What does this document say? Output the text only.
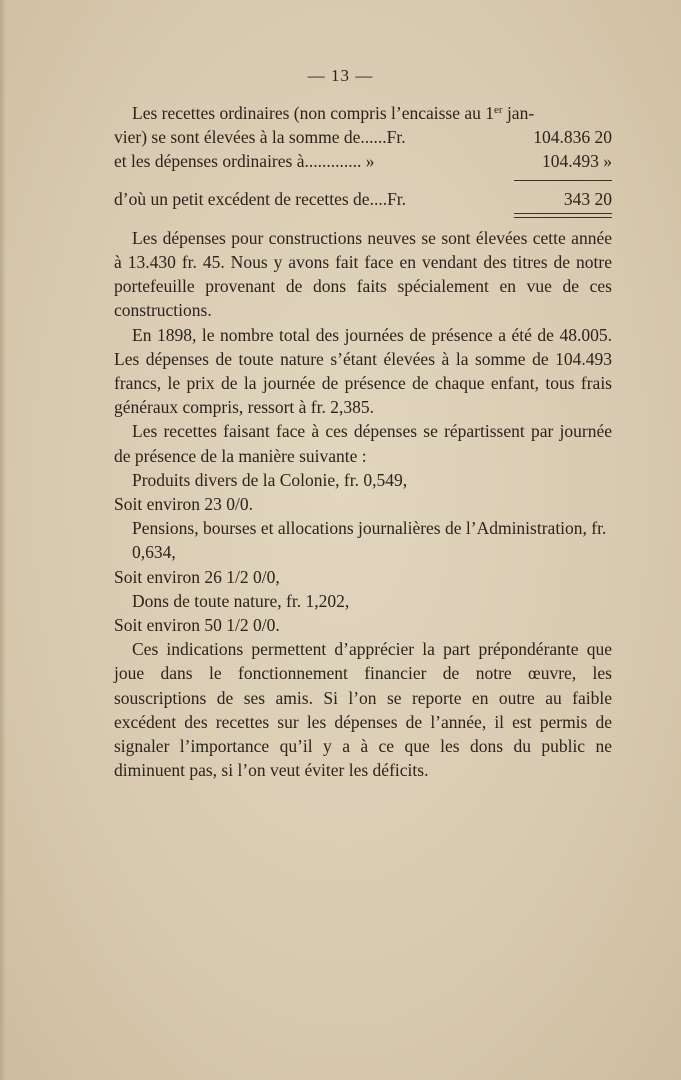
— 13 —

Les recettes ordinaires (non compris l’encaisse au 1er jan-

vier) se sont élevées à la somme de......Fr.	104.836 20
et les dépenses ordinaires à............. »	104.493 »
d’où un petit excédent de recettes de....Fr.	343 20

Les dépenses pour constructions neuves se sont élevées cette année à 13.430 fr. 45. Nous y avons fait face en vendant des titres de notre portefeuille provenant de dons faits spécialement en vue de ces constructions.

En 1898, le nombre total des journées de présence a été de 48.005. Les dépenses de toute nature s’étant élevées à la somme de 104.493 francs, le prix de la journée de présence de chaque enfant, tous frais généraux compris, ressort à fr. 2,385.

Les recettes faisant face à ces dépenses se répartissent par journée de présence de la manière suivante :

Produits divers de la Colonie, fr. 0,549,

Soit environ 23 0/0.

Pensions, bourses et allocations journalières de l’Administration, fr. 0,634,

Soit environ 26 1/2 0/0,

Dons de toute nature, fr. 1,202,

Soit environ 50 1/2 0/0.

Ces indications permettent d’apprécier la part prépondérante que joue dans le fonctionnement financier de notre œuvre, les souscriptions de ses amis. Si l’on se reporte en outre au faible excédent des recettes sur les dépenses de l’année, il est permis de signaler l’importance qu’il y a à ce que les dons du public ne diminuent pas, si l’on veut éviter les déficits.
